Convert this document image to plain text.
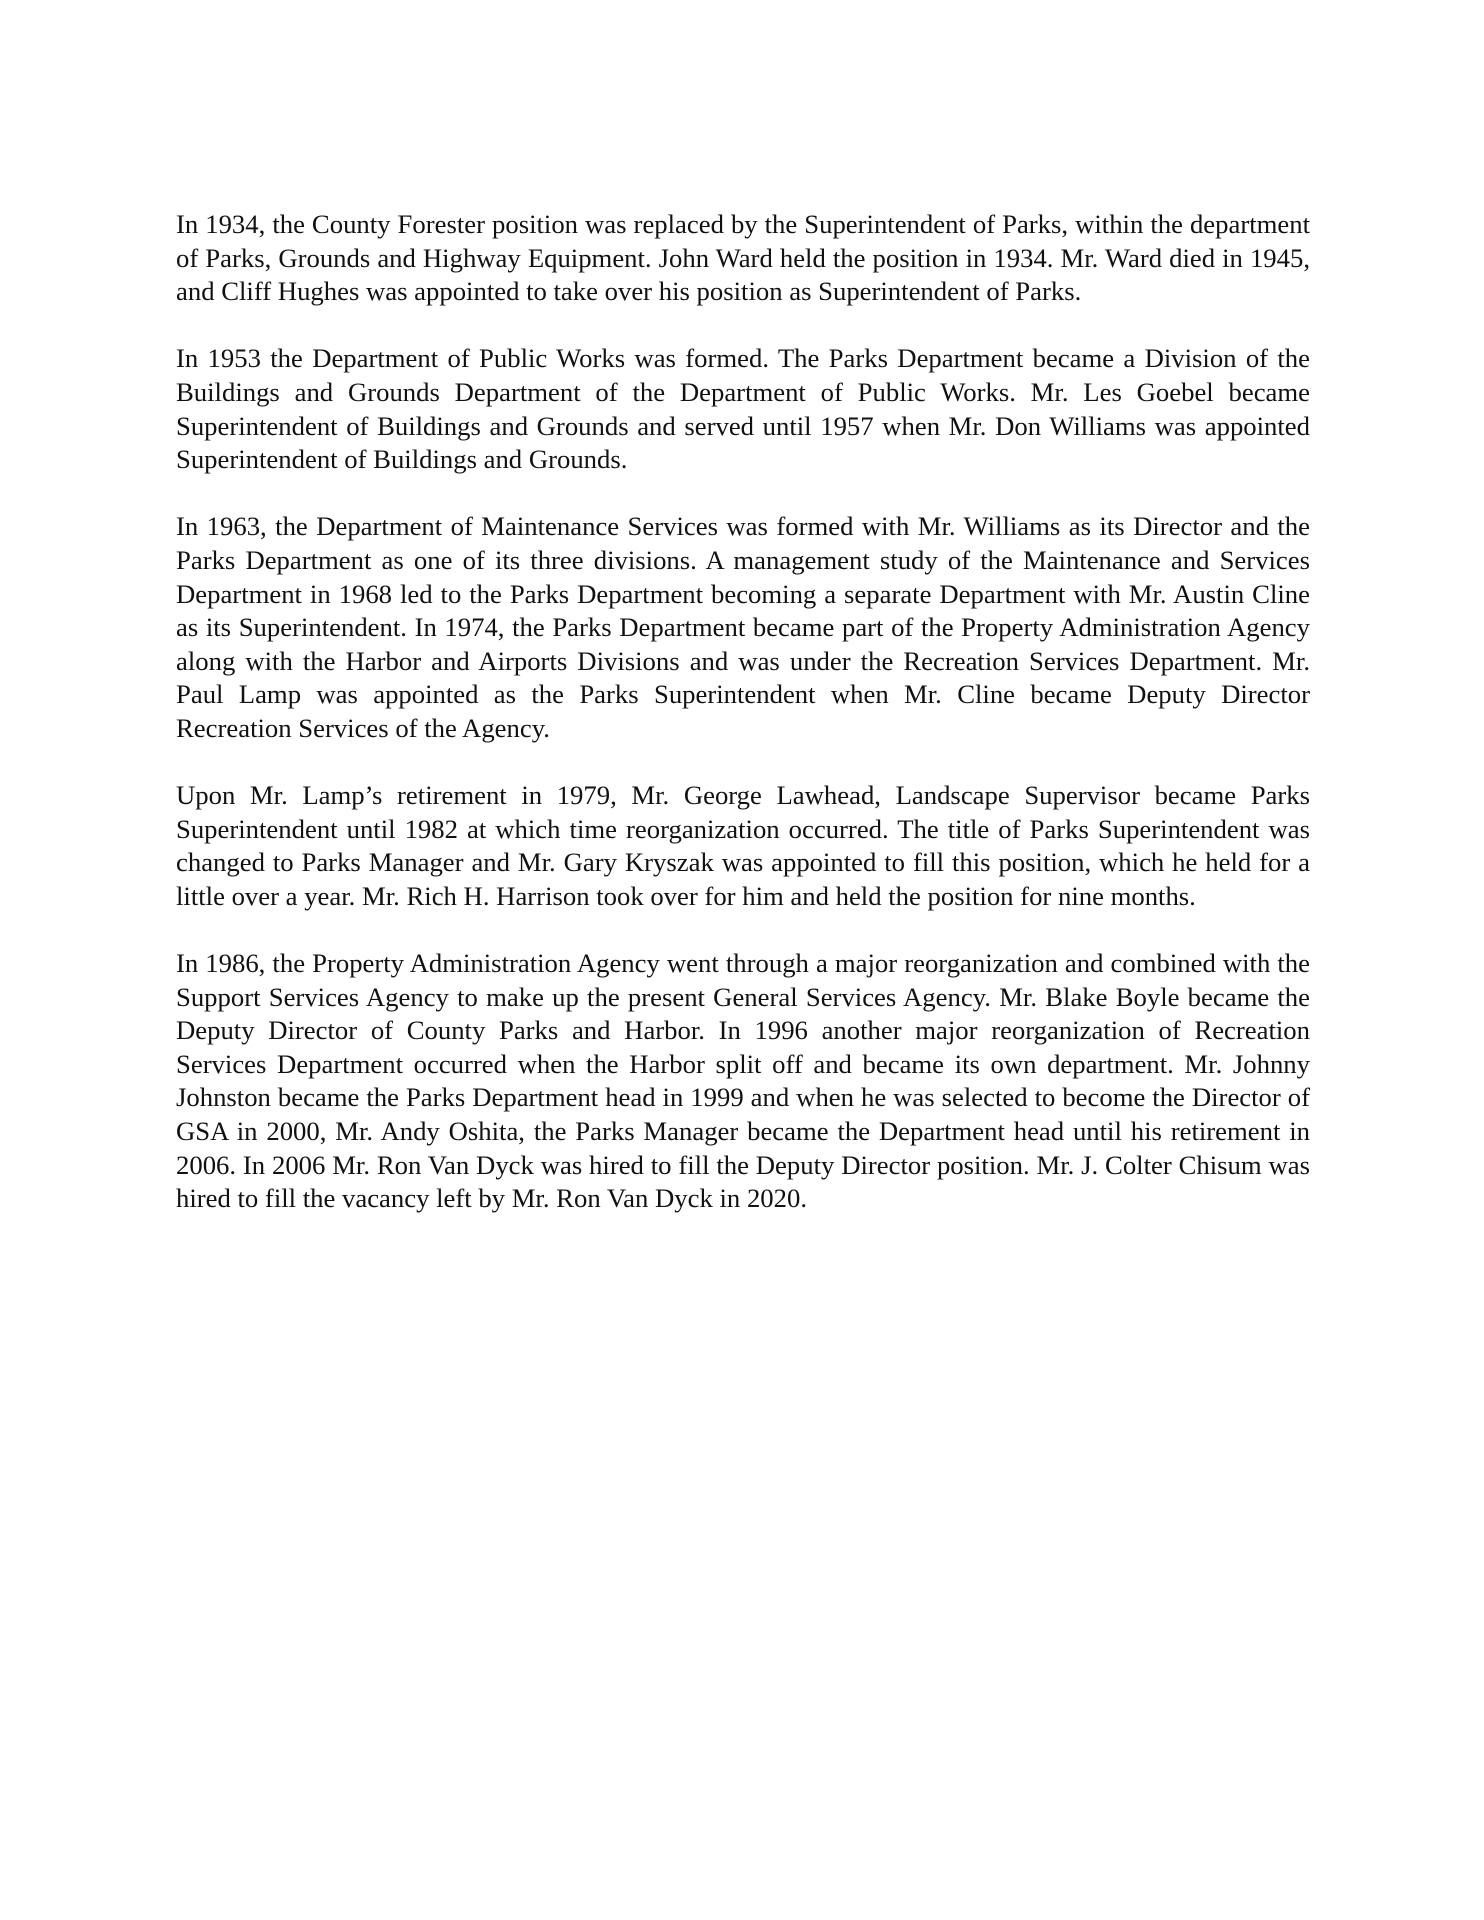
In 1934, the County Forester position was replaced by the Superintendent of Parks, within the department of Parks, Grounds and Highway Equipment. John Ward held the position in 1934. Mr. Ward died in 1945, and Cliff Hughes was appointed to take over his position as Superintendent of Parks.

In 1953 the Department of Public Works was formed. The Parks Department became a Division of the Buildings and Grounds Department of the Department of Public Works. Mr. Les Goebel became Superintendent of Buildings and Grounds and served until 1957 when Mr. Don Williams was appointed Superintendent of Buildings and Grounds.

In 1963, the Department of Maintenance Services was formed with Mr. Williams as its Director and the Parks Department as one of its three divisions. A management study of the Maintenance and Services Department in 1968 led to the Parks Department becoming a separate Department with Mr. Austin Cline as its Superintendent. In 1974, the Parks Department became part of the Property Administration Agency along with the Harbor and Airports Divisions and was under the Recreation Services Department. Mr. Paul Lamp was appointed as the Parks Superintendent when Mr. Cline became Deputy Director Recreation Services of the Agency.

Upon Mr. Lamp’s retirement in 1979, Mr. George Lawhead, Landscape Supervisor became Parks Superintendent until 1982 at which time reorganization occurred. The title of Parks Superintendent was changed to Parks Manager and Mr. Gary Kryszak was appointed to fill this position, which he held for a little over a year. Mr. Rich H. Harrison took over for him and held the position for nine months.

In 1986, the Property Administration Agency went through a major reorganization and combined with the Support Services Agency to make up the present General Services Agency. Mr. Blake Boyle became the Deputy Director of County Parks and Harbor. In 1996 another major reorganization of Recreation Services Department occurred when the Harbor split off and became its own department. Mr. Johnny Johnston became the Parks Department head in 1999 and when he was selected to become the Director of GSA in 2000, Mr. Andy Oshita, the Parks Manager became the Department head until his retirement in 2006. In 2006 Mr. Ron Van Dyck was hired to fill the Deputy Director position. Mr. J. Colter Chisum was hired to fill the vacancy left by Mr. Ron Van Dyck in 2020.
